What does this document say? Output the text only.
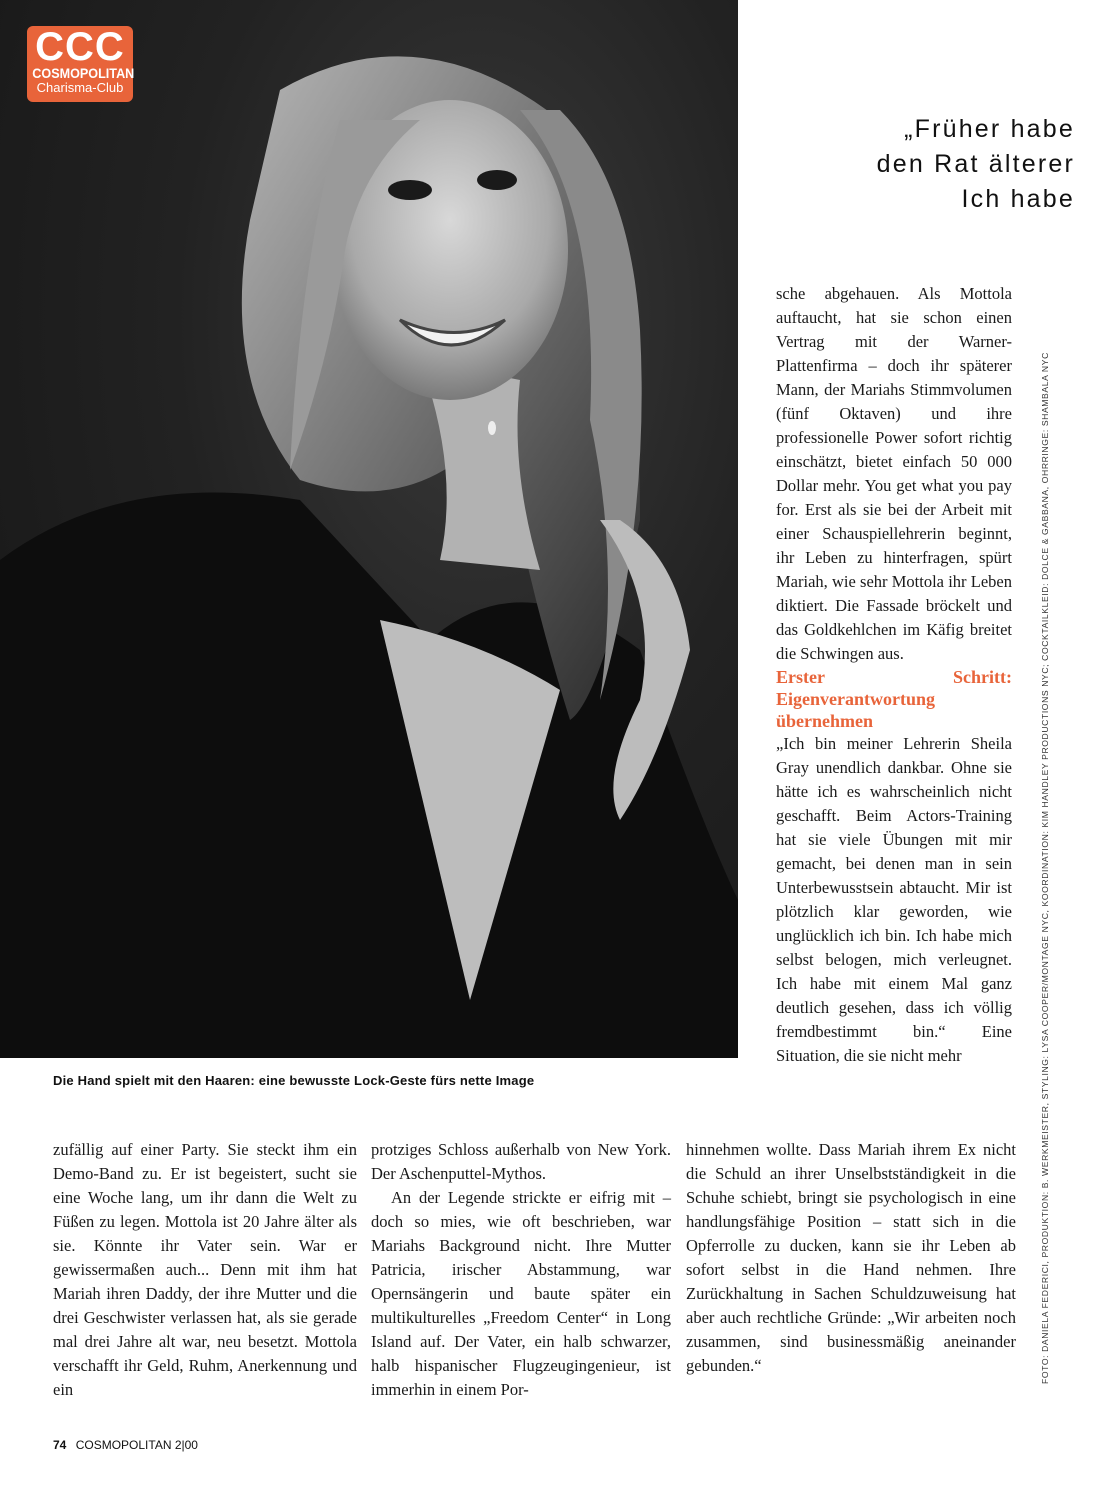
CCC
COSMOPOLITAN
Charisma-Club
Die Hand spielt mit den Haaren: eine bewusste Lock-Geste fürs nette Image
„Früher habe
den Rat älterer
Ich habe
FOTO: DANIELA FEDERICI, PRODUKTION: B. WERKMEISTER, STYLING: LYSA COOPER/MONTAGE NYC, KOORDINATION: KIM HANDLEY PRODUCTIONS NYC; COCKTAILKLEID: DOLCE & GABBANA, OHRRINGE: SHAMBALA NYC

sche abgehauen. Als Mottola auftaucht, hat sie schon einen Vertrag mit der Warner-Plattenfirma – doch ihr späterer Mann, der Mariahs Stimmvolumen (fünf Oktaven) und ihre professionelle Power sofort richtig einschätzt, bietet einfach 50 000 Dollar mehr. You get what you pay for. Erst als sie bei der Arbeit mit einer Schauspiellehrerin beginnt, ihr Leben zu hinterfragen, spürt Mariah, wie sehr Mottola ihr Leben diktiert. Die Fassade bröckelt und das Goldkehlchen im Käfig breitet die Schwingen aus.

Erster Schritt: Eigenverantwortung übernehmen

„Ich bin meiner Lehrerin Sheila Gray unendlich dankbar. Ohne sie hätte ich es wahrscheinlich nicht geschafft. Beim Actors-Training hat sie viele Übungen mit mir gemacht, bei denen man in sein Unterbewusstsein abtaucht. Mir ist plötzlich klar geworden, wie unglücklich ich bin. Ich habe mich selbst belogen, mich verleugnet. Ich habe mit einem Mal ganz deutlich gesehen, dass ich völlig fremdbestimmt bin.“ Eine Situation, die sie nicht mehr

hinnehmen wollte. Dass Mariah ihrem Ex nicht die Schuld an ihrer Unselbstständigkeit in die Schuhe schiebt, bringt sie psychologisch in eine handlungsfähige Position – statt sich in die Opferrolle zu ducken, kann sie ihr Leben ab sofort selbst in die Hand nehmen. Ihre Zurückhaltung in Sachen Schuldzuweisung hat aber auch rechtliche Gründe: „Wir arbeiten noch zusammen, sind businessmäßig aneinander gebunden.“

zufällig auf einer Party. Sie steckt ihm ein Demo-Band zu. Er ist begeistert, sucht sie eine Woche lang, um ihr dann die Welt zu Füßen zu legen. Mottola ist 20 Jahre älter als sie. Könnte ihr Vater sein. War er gewissermaßen auch... Denn mit ihm hat Mariah ihren Daddy, der ihre Mutter und die drei Geschwister verlassen hat, als sie gerade mal drei Jahre alt war, neu besetzt. Mottola verschafft ihr Geld, Ruhm, Anerkennung und ein

protziges Schloss außerhalb von New York. Der Aschenputtel-Mythos.

An der Legende strickte er eifrig mit – doch so mies, wie oft beschrieben, war Mariahs Background nicht. Ihre Mutter Patricia, irischer Abstammung, war Opernsängerin und baute später ein multikulturelles „Freedom Center“ in Long Island auf. Der Vater, ein halb schwarzer, halb hispanischer Flugzeugingenieur, ist immerhin in einem Por-

74 COSMOPOLITAN 2|00
